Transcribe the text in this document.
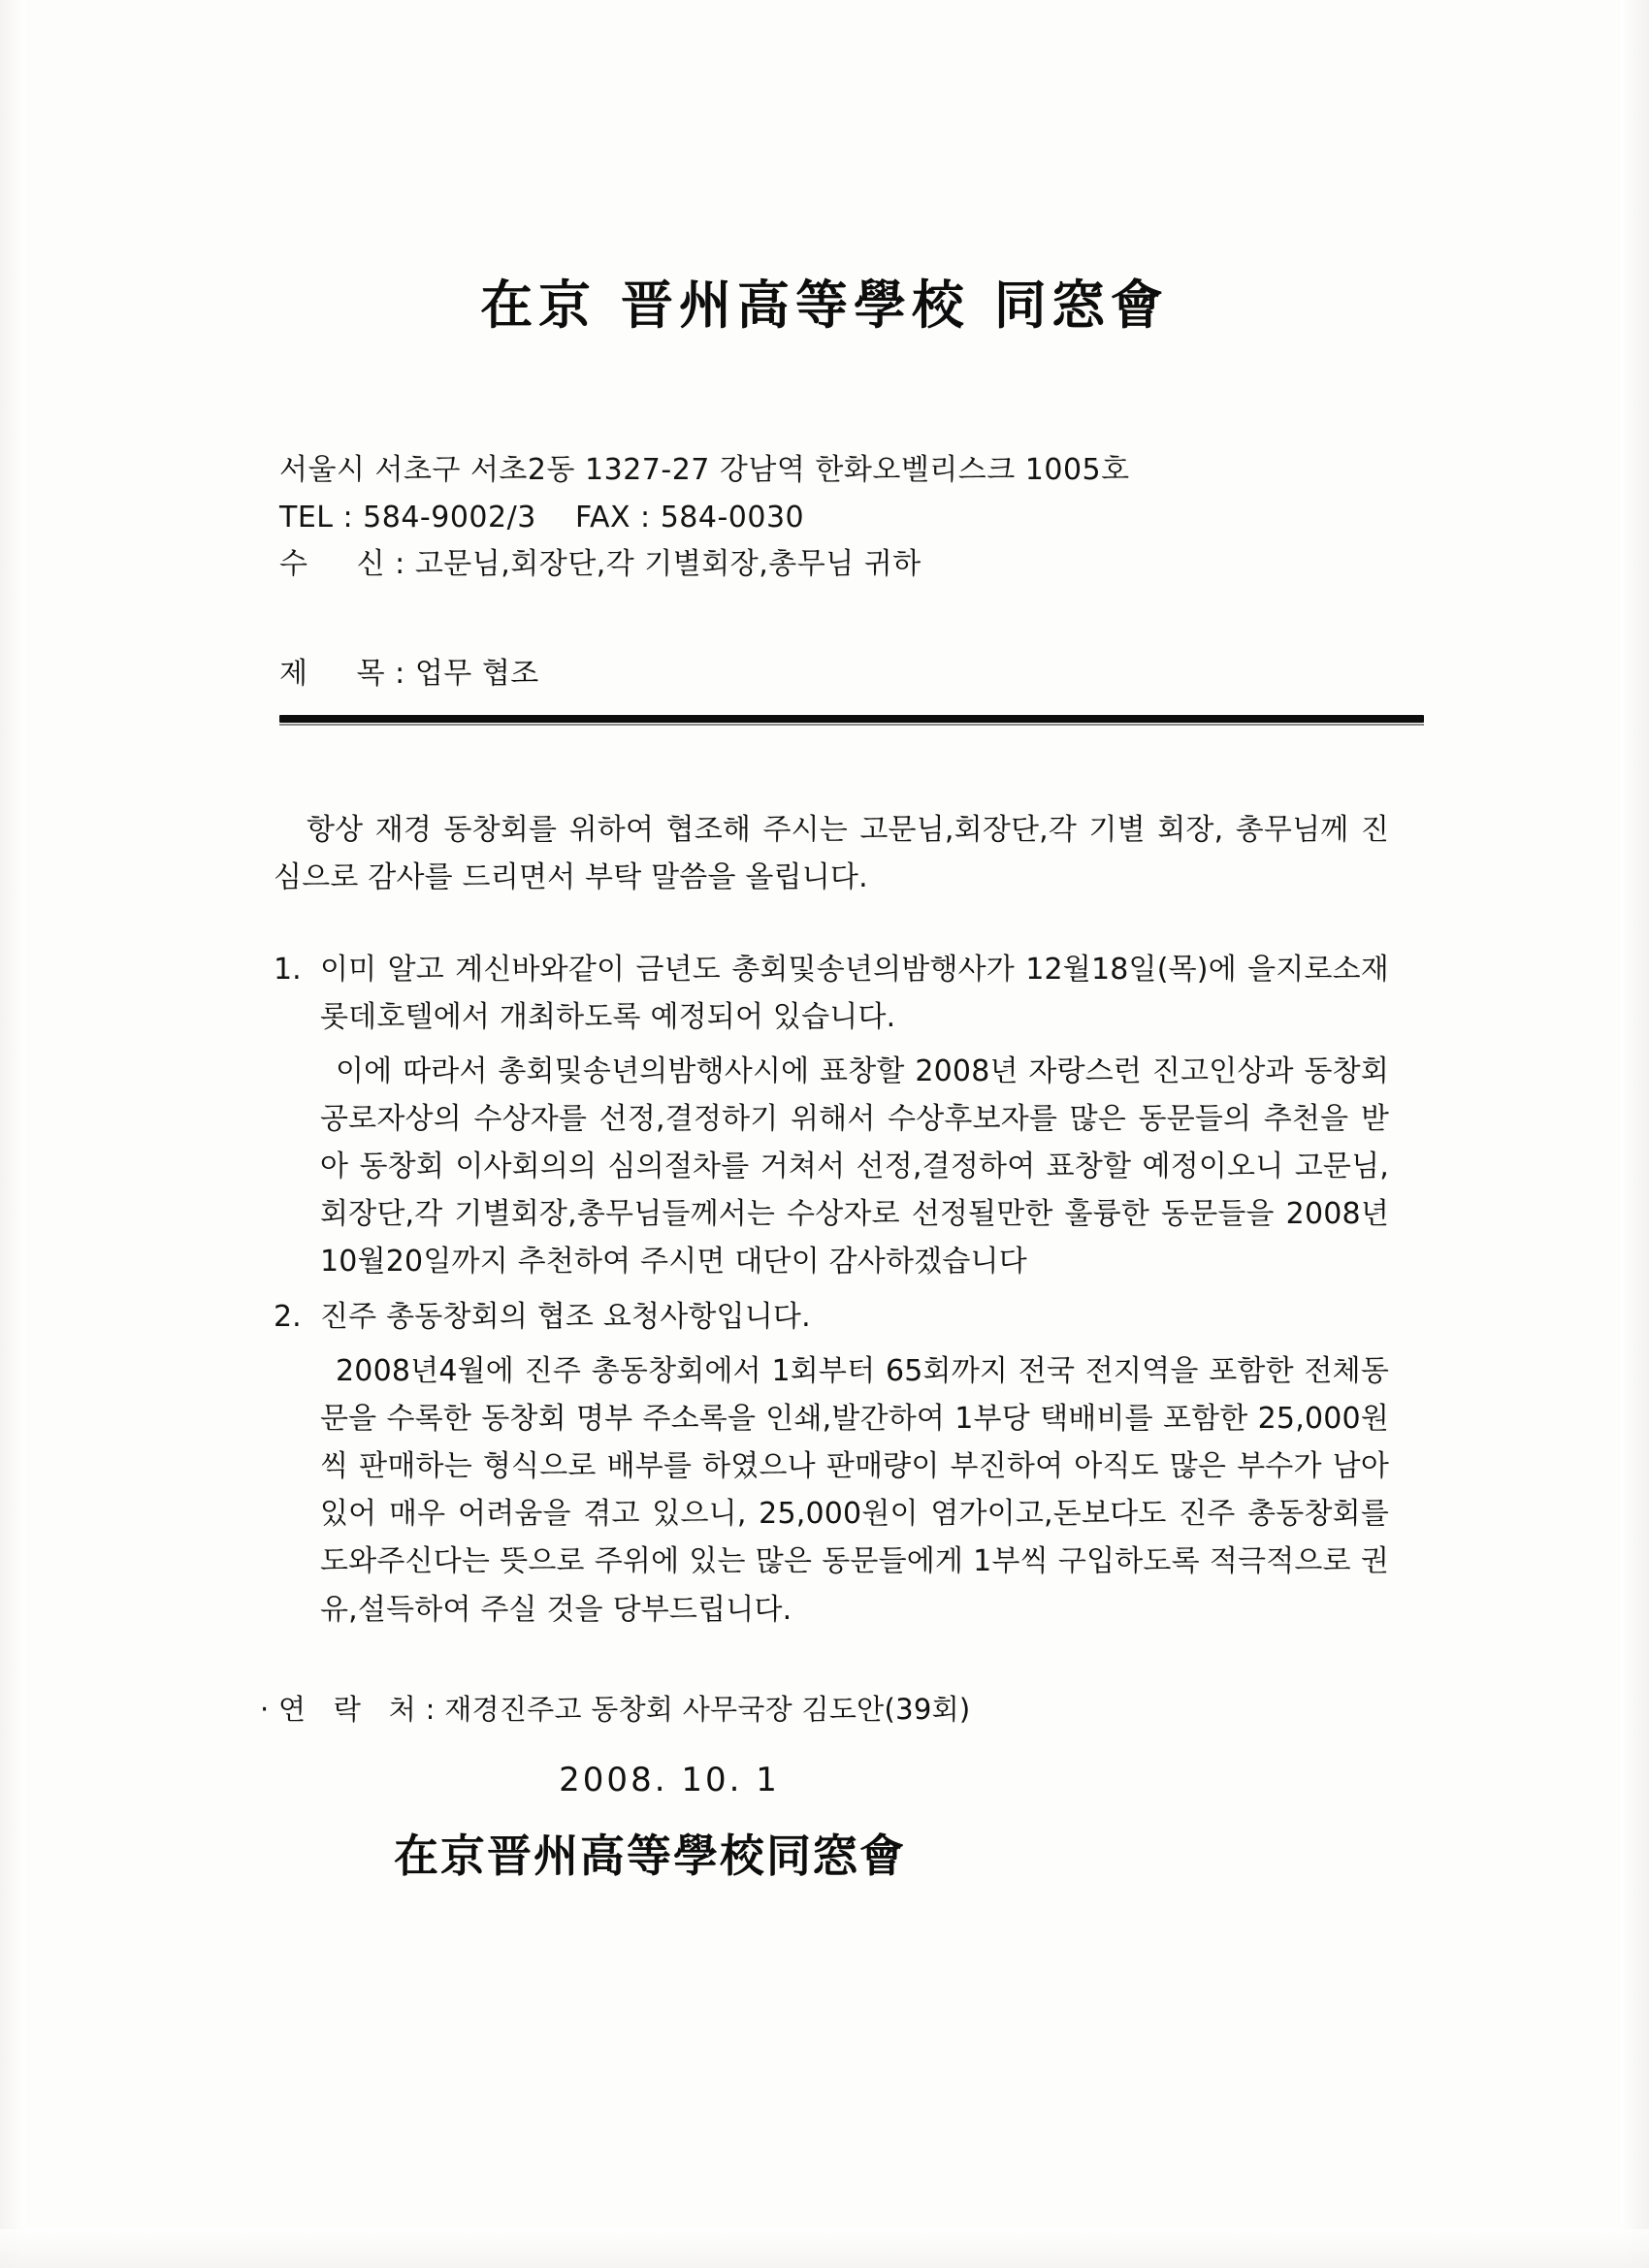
在京 晋州高等學校 同窓會
서울시 서초구 서초2동 1327-27 강남역 한화오벨리스크 1005호
TEL : 584-9002/3    FAX : 584-0030
수     신 : 고문님,회장단,각 기별회장,총무님 귀하
제     목 : 업무 협조

항상 재경 동창회를 위하여 협조해 주시는 고문님,회장단,각 기별 회장, 총무님께 진심으로 감사를 드리면서 부탁 말씀을 올립니다.

1. 이미 알고 계신바와같이 금년도 총회및송년의밤행사가 12월18일(목)에 을지로소재 롯데호텔에서 개최하도록 예정되어 있습니다.
이에 따라서 총회및송년의밤행사시에 표창할 2008년 자랑스런 진고인상과 동창회 공로자상의 수상자를 선정,결정하기 위해서 수상후보자를 많은 동문들의 추천을 받아 동창회 이사회의의 심의절차를 거쳐서 선정,결정하여 표창할 예정이오니 고문님,회장단,각 기별회장,총무님들께서는 수상자로 선정될만한 훌륭한 동문들을 2008년 10월20일까지 추천하여 주시면 대단이 감사하겠습니다
2. 진주 총동창회의 협조 요청사항입니다.
2008년4월에 진주 총동창회에서 1회부터 65회까지 전국 전지역을 포함한 전체동문을 수록한 동창회 명부 주소록을 인쇄,발간하여 1부당 택배비를 포함한 25,000원씩 판매하는 형식으로 배부를 하였으나 판매량이 부진하여 아직도 많은 부수가 남아 있어 매우 어려움을 겪고 있으니, 25,000원이 염가이고,돈보다도 진주 총동창회를 도와주신다는 뜻으로 주위에 있는 많은 동문들에게 1부씩 구입하도록 적극적으로 권유,설득하여 주실 것을 당부드립니다.
· 연   락   처 : 재경진주고 동창회 사무국장 김도안(39회)
2008. 10. 1
在京晋州高等學校同窓會
